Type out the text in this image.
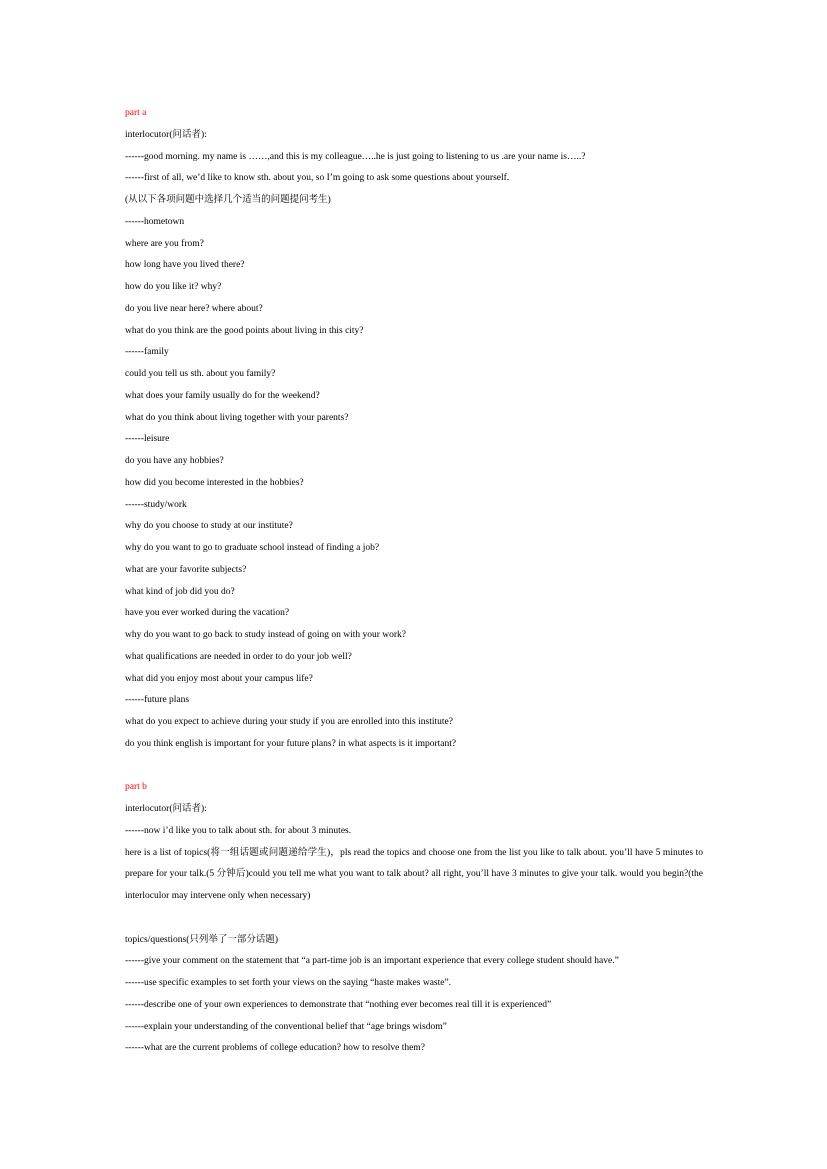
part a
interlocutor(问话者):
------good morning. my name is ……,and this is my colleague…..he is just going to listening to us .are your name is…..?
------first of all, we’d like to know sth. about you, so I’m going to ask some questions about yourself.
(从以下各项问题中选择几个适当的问题提问考生)
------hometown
where are you from?
how long have you lived there?
how do you like it? why?
do you live near here? where about?
what do you think are the good points about living in this city?
------family
could you tell us sth. about you family?
what does your family usually do for the weekend?
what do you think about living together with your parents?
------leisure
do you have any hobbies?
how did you become interested in the hobbies?
------study/work
why do you choose to study at our institute?
why do you want to go to graduate school instead of finding a job?
what are your favorite subjects?
what kind of job did you do?
have you ever worked during the vacation?
why do you want to go back to study instead of going on with your work?
what qualifications are needed in order to do your job well?
what did you enjoy most about your campus life?
------future plans
what do you expect to achieve during your study if you are enrolled into this institute?
do you think english is important for your future plans? in what aspects is it important?
part b
interlocutor(问话者):
------now i’d like you to talk about sth. for about 3 minutes.
here is a list of topics(将一组话题或问题递给学生)，pls read the topics and choose one from the list you like to talk about. you’ll have 5 minutes to prepare for your talk.(5 分钟后)could you tell me what you want to talk about? all right, you’ll have 3 minutes to give your talk. would you begin?(the interloculor may intervene only when necessary)
topics/questions(只列举了一部分话题)
------give your comment on the statement that “a part-time job is an important experience that every college student should have.”
------use specific examples to set forth your views on the saying “haste makes waste”.
------describe one of your own experiences to demonstrate that “nothing ever becomes real till it is experienced”
------explain your understanding of the conventional belief that “age brings wisdom”
------what are the current problems of college education? how to resolve them?
